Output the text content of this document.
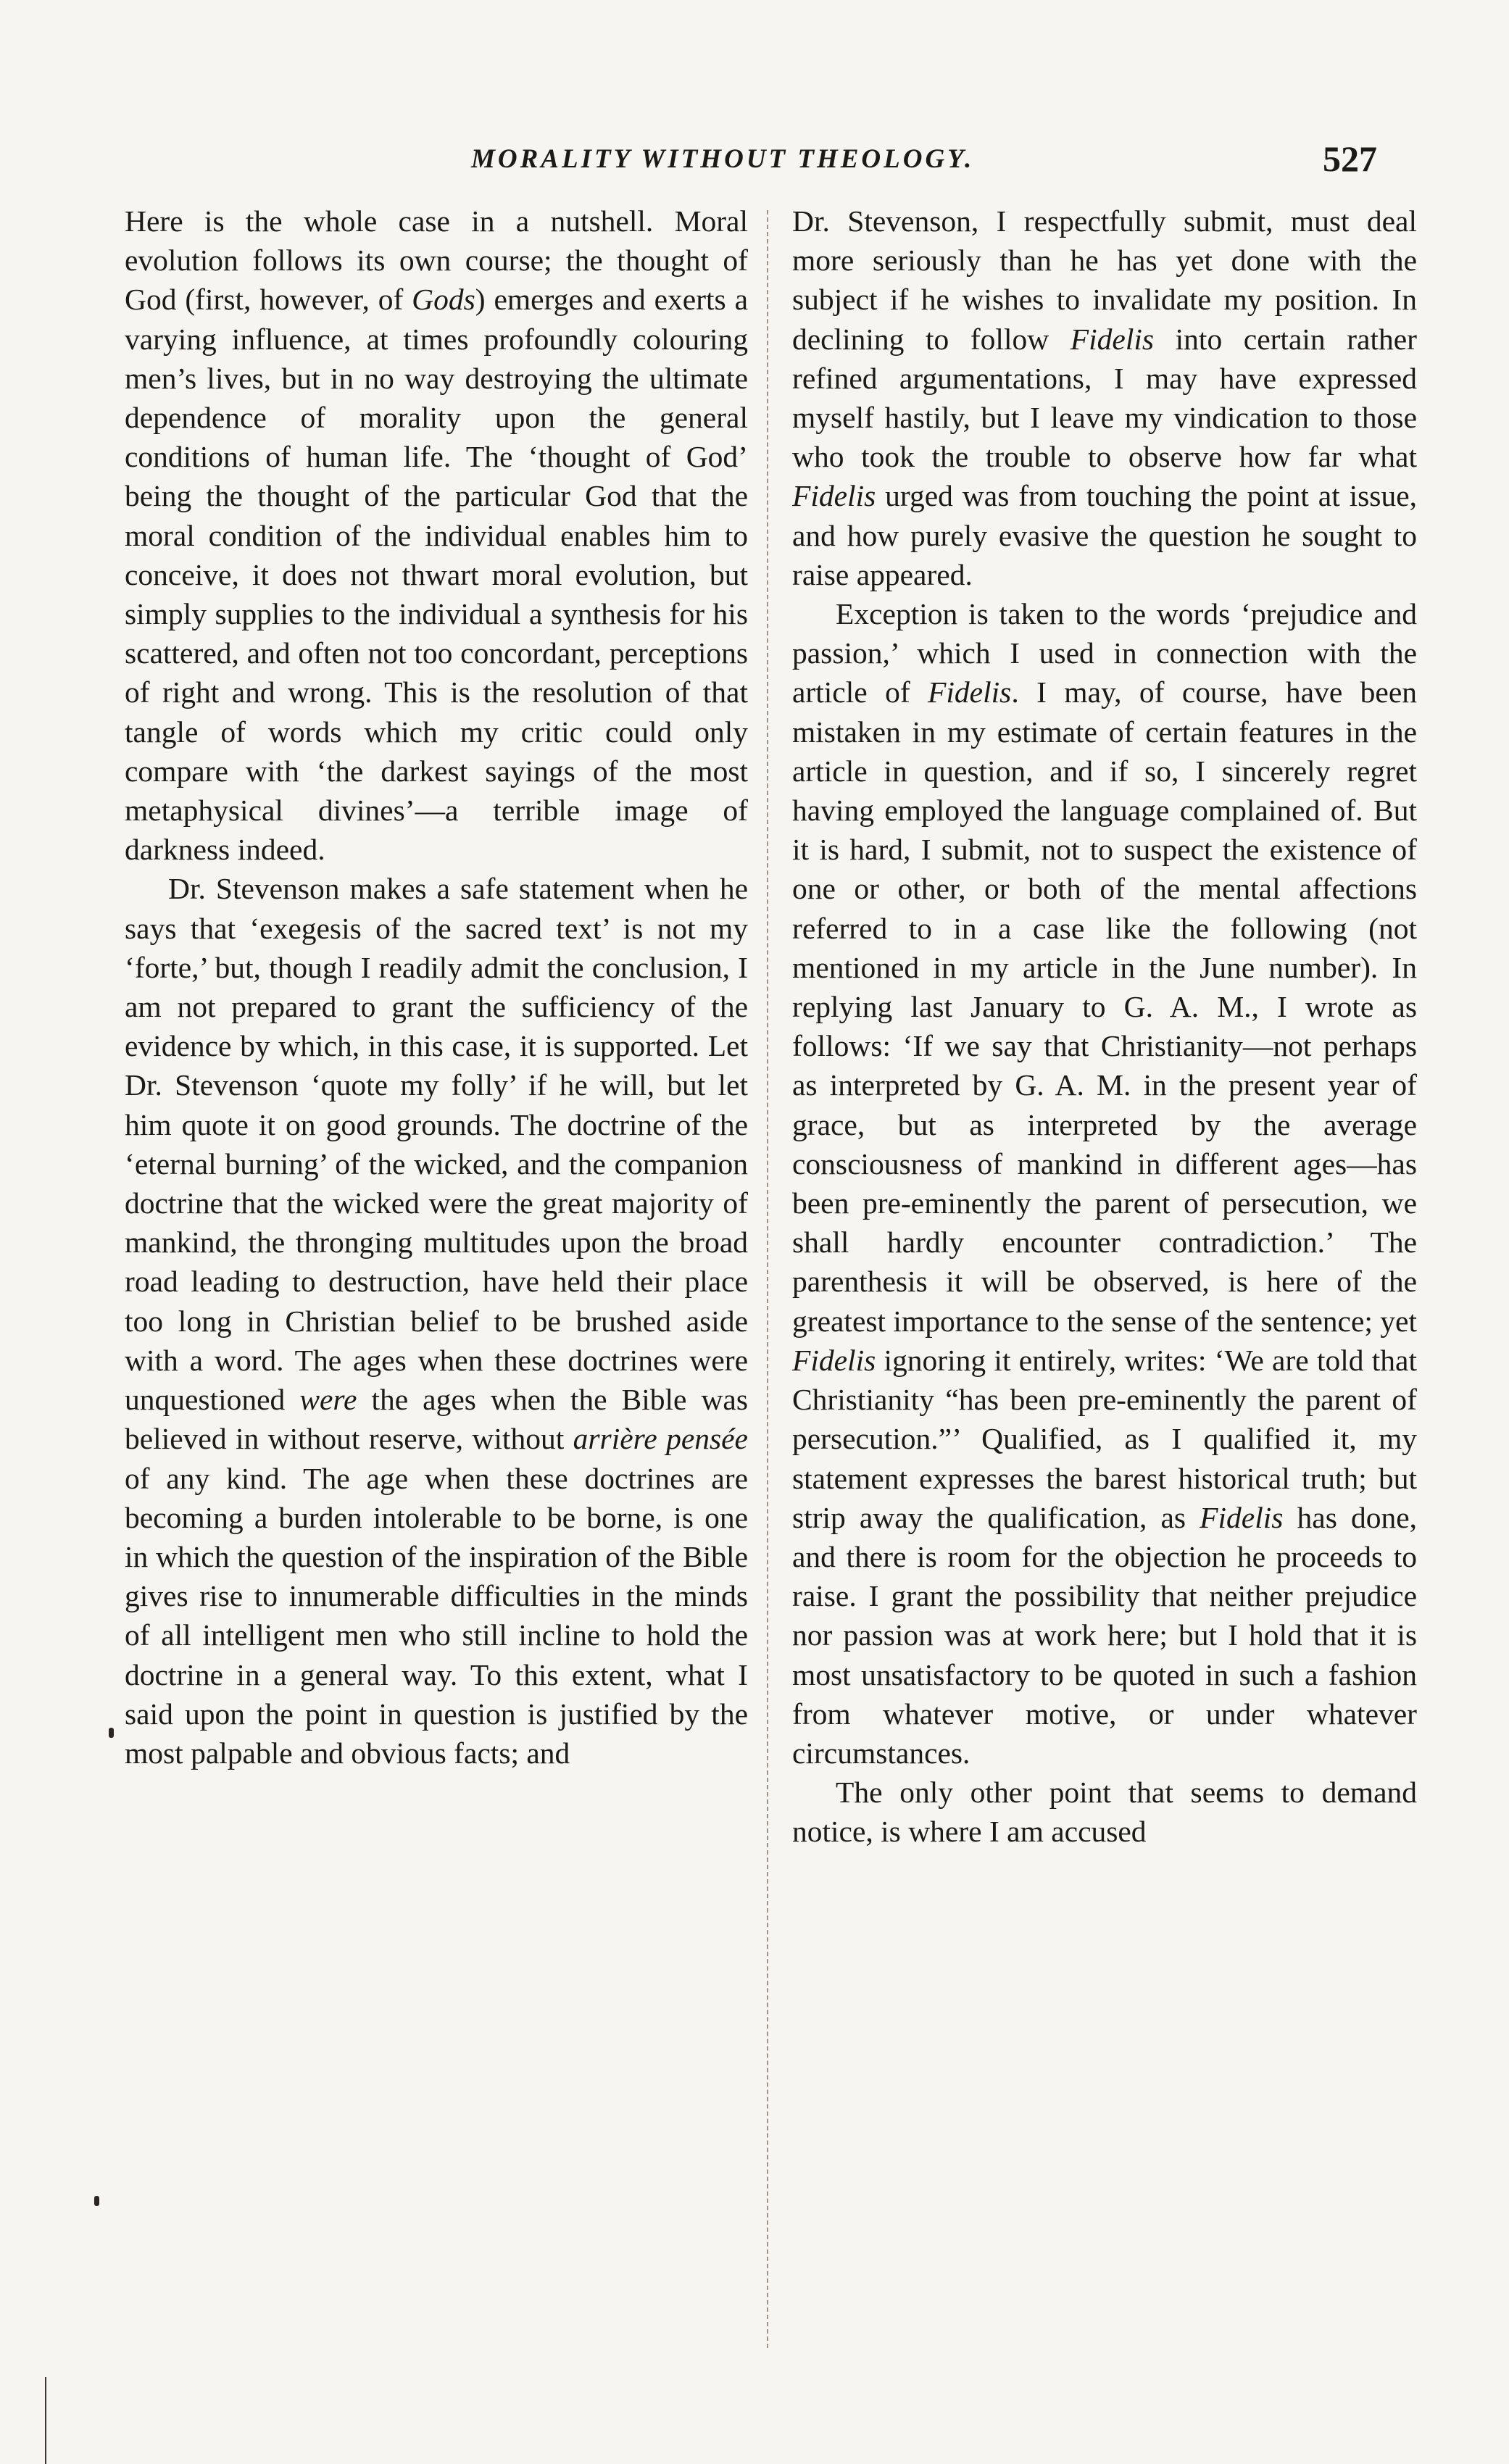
MORALITY WITHOUT THEOLOGY.	527

Here is the whole case in a nutshell. Moral evolution follows its own course; the thought of God (first, however, of Gods) emerges and exerts a varying influence, at times profoundly colouring men’s lives, but in no way destroying the ultimate dependence of morality upon the general conditions of human life. The ‘thought of God’ being the thought of the particular God that the moral condition of the individual enables him to conceive, it does not thwart moral evolution, but simply supplies to the individual a synthesis for his scattered, and often not too concordant, perceptions of right and wrong. This is the resolution of that tangle of words which my critic could only compare with ‘the darkest sayings of the most metaphysical divines’—a terrible image of darkness indeed.

Dr. Stevenson makes a safe statement when he says that ‘exegesis of the sacred text’ is not my ‘forte,’ but, though I readily admit the conclusion, I am not prepared to grant the sufficiency of the evidence by which, in this case, it is supported. Let Dr. Stevenson ‘quote my folly’ if he will, but let him quote it on good grounds. The doctrine of the ‘eternal burning’ of the wicked, and the companion doctrine that the wicked were the great majority of mankind, the thronging multitudes upon the broad road leading to destruction, have held their place too long in Christian belief to be brushed aside with a word. The ages when these doctrines were unquestioned were the ages when the Bible was believed in without reserve, without arrière pensée of any kind. The age when these doctrines are becoming a burden intolerable to be borne, is one in which the question of the inspiration of the Bible gives rise to innumerable difficulties in the minds of all intelligent men who still incline to hold the doctrine in a general way. To this extent, what I said upon the point in question is justified by the most palpable and obvious facts; and

Dr. Stevenson, I respectfully submit, must deal more seriously than he has yet done with the subject if he wishes to invalidate my position. In declining to follow Fidelis into certain rather refined argumentations, I may have expressed myself hastily, but I leave my vindication to those who took the trouble to observe how far what Fidelis urged was from touching the point at issue, and how purely evasive the question he sought to raise appeared.

Exception is taken to the words ‘prejudice and passion,’ which I used in connection with the article of Fidelis. I may, of course, have been mistaken in my estimate of certain features in the article in question, and if so, I sincerely regret having employed the language complained of. But it is hard, I submit, not to suspect the existence of one or other, or both of the mental affections referred to in a case like the following (not mentioned in my article in the June number). In replying last January to G. A. M., I wrote as follows: ‘If we say that Christianity—not perhaps as interpreted by G. A. M. in the present year of grace, but as interpreted by the average consciousness of mankind in different ages—has been pre-eminently the parent of persecution, we shall hardly encounter contradiction.’ The parenthesis it will be observed, is here of the greatest importance to the sense of the sentence; yet Fidelis ignoring it entirely, writes: ‘We are told that Christianity “has been pre-eminently the parent of persecution.”’ Qualified, as I qualified it, my statement expresses the barest historical truth; but strip away the qualification, as Fidelis has done, and there is room for the objection he proceeds to raise. I grant the possibility that neither prejudice nor passion was at work here; but I hold that it is most unsatisfactory to be quoted in such a fashion from whatever motive, or under whatever circumstances.

The only other point that seems to demand notice, is where I am accused
